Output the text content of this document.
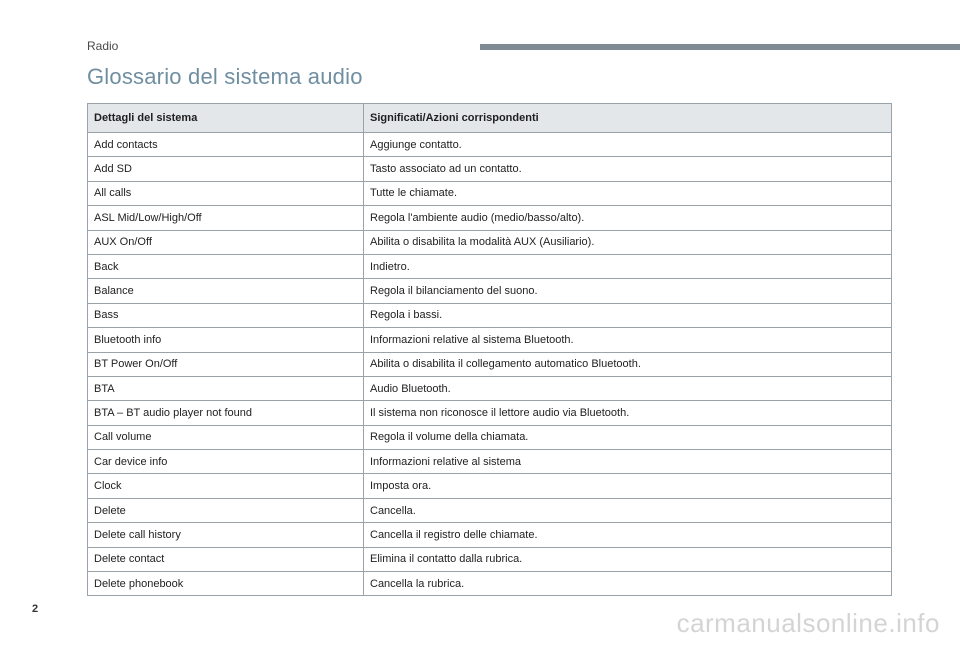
Radio
Glossario del sistema audio
Dettagli del sistema	Significati/Azioni corrispondenti
Add contacts	Aggiunge contatto.
Add SD	Tasto associato ad un contatto.
All calls	Tutte le chiamate.
ASL Mid/Low/High/Off	Regola l'ambiente audio (medio/basso/alto).
AUX On/Off	Abilita o disabilita la modalità AUX (Ausiliario).
Back	Indietro.
Balance	Regola il bilanciamento del suono.
Bass	Regola i bassi.
Bluetooth info	Informazioni relative al sistema Bluetooth.
BT Power On/Off	Abilita o disabilita il collegamento automatico Bluetooth.
BTA	Audio Bluetooth.
BTA – BT audio player not found	Il sistema non riconosce il lettore audio via Bluetooth.
Call volume	Regola il volume della chiamata.
Car device info	Informazioni relative al sistema
Clock	Imposta ora.
Delete	Cancella.
Delete call history	Cancella il registro delle chiamate.
Delete contact	Elimina il contatto dalla rubrica.
Delete phonebook	Cancella la rubrica.
2	carmanualsonline.info
